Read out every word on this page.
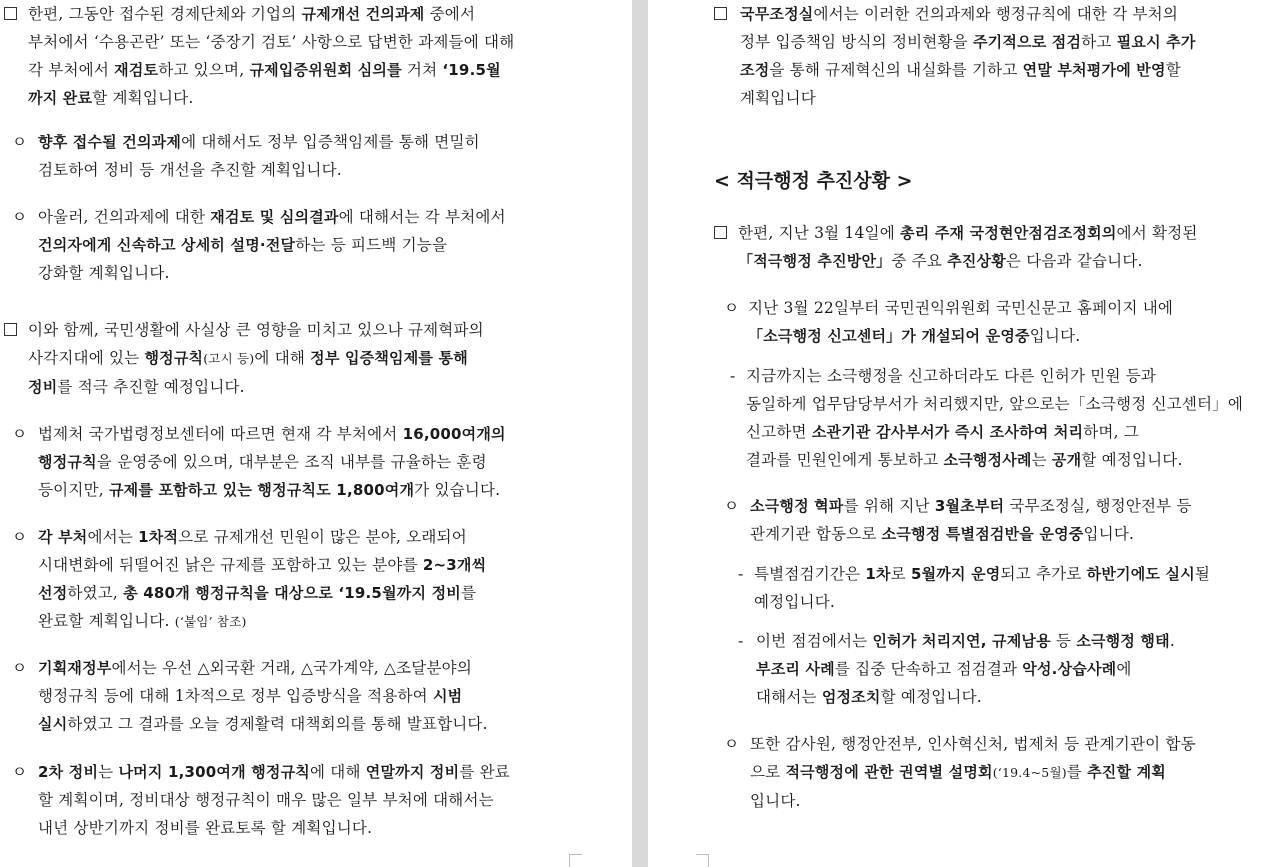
한편, 그동안 접수된 경제단체와 기업의 규제개선 건의과제 중에서
부처에서 ‘수용곤란’ 또는 ‘중장기 검토’ 사항으로 답변한 과제들에 대해
각 부처에서 재검토하고 있으며, 규제입증위원회 심의를 거쳐 ‘19.5월
까지 완료할 계획입니다.
ㅇ 향후 접수될 건의과제에 대해서도 정부 입증책임제를 통해 면밀히
검토하여 정비 등 개선을 추진할 계획입니다.
ㅇ 아울러, 건의과제에 대한 재검토 및 심의결과에 대해서는 각 부처에서
건의자에게 신속하고 상세히 설명·전달하는 등 피드백 기능을
강화할 계획입니다.
이와 함께, 국민생활에 사실상 큰 영향을 미치고 있으나 규제혁파의
사각지대에 있는 행정규칙(고시 등)에 대해 정부 입증책임제를 통해
정비를 적극 추진할 예정입니다.
ㅇ 법제처 국가법령정보센터에 따르면 현재 각 부처에서 16,000여개의
행정규칙을 운영중에 있으며, 대부분은 조직 내부를 규율하는 훈령
등이지만, 규제를 포함하고 있는 행정규칙도 1,800여개가 있습니다.
ㅇ 각 부처에서는 1차적으로 규제개선 민원이 많은 분야, 오래되어
시대변화에 뒤떨어진 낡은 규제를 포함하고 있는 분야를 2~3개씩
선정하였고, 총 480개 행정규칙을 대상으로 ‘19.5월까지 정비를
완료할 계획입니다. (‘붙임’ 참조)
ㅇ 기획재정부에서는 우선 △외국환 거래, △국가계약, △조달분야의
행정규칙 등에 대해 1차적으로 정부 입증방식을 적용하여 시범
실시하였고 그 결과를 오늘 경제활력 대책회의를 통해 발표합니다.
ㅇ 2차 정비는 나머지 1,300여개 행정규칙에 대해 연말까지 정비를 완료
할 계획이며, 정비대상 행정규칙이 매우 많은 일부 부처에 대해서는
내년 상반기까지 정비를 완료토록 할 계획입니다.
국무조정실에서는 이러한 건의과제와 행정규칙에 대한 각 부처의
정부 입증책임 방식의 정비현황을 주기적으로 점검하고 필요시 추가
조정을 통해 규제혁신의 내실화를 기하고 연말 부처평가에 반영할
계획입니다
< 적극행정 추진상황 >
한편, 지난 3월 14일에 총리 주재 국정현안점검조정회의에서 확정된
「적극행정 추진방안」중 주요 추진상황은 다음과 같습니다.
ㅇ 지난 3월 22일부터 국민권익위원회 국민신문고 홈페이지 내에
「소극행정 신고센터」가 개설되어 운영중입니다.
- 지금까지는 소극행정을 신고하더라도 다른 인허가 민원 등과
동일하게 업무담당부서가 처리했지만, 앞으로는「소극행정 신고센터」에
신고하면 소관기관 감사부서가 즉시 조사하여 처리하며, 그
결과를 민원인에게 통보하고 소극행정사례는 공개할 예정입니다.
ㅇ 소극행정 혁파를 위해 지난 3월초부터 국무조정실, 행정안전부 등
관계기관 합동으로 소극행정 특별점검반을 운영중입니다.
- 특별점검기간은 1차로 5월까지 운영되고 추가로 하반기에도 실시될
예정입니다.
- 이번 점검에서는 인허가 처리지연, 규제남용 등 소극행정 행태.
부조리 사례를 집중 단속하고 점검결과 악성.상습사례에
대해서는 엄정조치할 예정입니다.
ㅇ 또한 감사원, 행정안전부, 인사혁신처, 법제처 등 관계기관이 합동
으로 적극행정에 관한 권역별 설명회(‘19.4~5월)를 추진할 계획
입니다.
